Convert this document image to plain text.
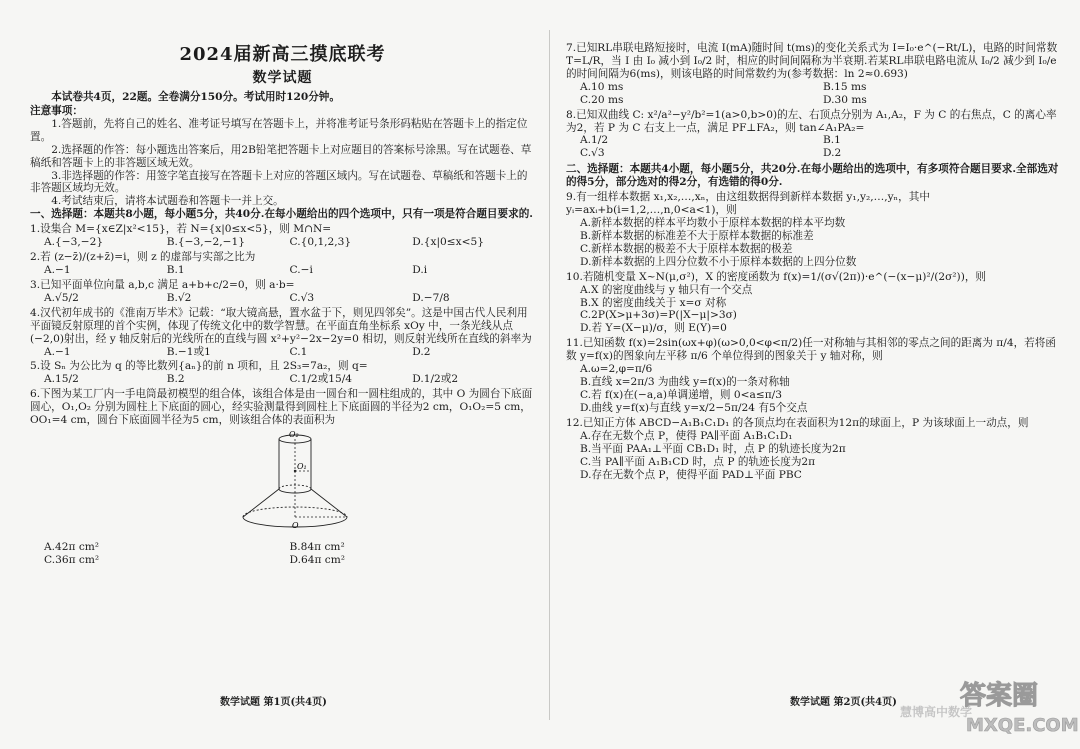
2024届新高三摸底联考
数学试题
本试卷共4页，22题。全卷满分150分。考试用时120分钟。
注意事项：

1.答题前，先将自己的姓名、准考证号填写在答题卡上，并将准考证号条形码粘贴在答题卡上的指定位置。

2.选择题的作答：每小题选出答案后，用2B铅笔把答题卡上对应题目的答案标号涂黑。写在试题卷、草稿纸和答题卡上的非答题区域无效。

3.非选择题的作答：用签字笔直接写在答题卡上对应的答题区域内。写在试题卷、草稿纸和答题卡上的非答题区域均无效。

4.考试结束后，请将本试题卷和答题卡一并上交。

一、选择题：本题共8小题，每小题5分，共40分.在每小题给出的四个选项中，只有一项是符合题目要求的.
1.设集合 M={x∈Z|x²<15}，若 N={x|0≤x<5}，则 M∩N=
A.{−3,−2}	B.{−3,−2,−1}	C.{0,1,2,3}	D.{x|0≤x<5}
2.若 (z−z̄)/(z+z̄)=i，则 z 的虚部与实部之比为
A.−1	B.1	C.−i	D.i
3.已知平面单位向量 a,b,c 满足 a+b+c/2=0，则 a·b=
A.√5/2	B.√2	C.√3	D.−7/8
4.汉代初年成书的《淮南万毕术》记载：“取大镜高悬，置水盆于下，则见四邻矣”。这是中国古代人民利用平面镜反射原理的首个实例，体现了传统文化中的数学智慧。在平面直角坐标系 xOy 中，一条光线从点(−2,0)射出，经 y 轴反射后的光线所在的直线与圆 x²+y²−2x−2y=0 相切，则反射光线所在直线的斜率为
A.−1	B.−1或1	C.1	D.2
5.设 Sₙ 为公比为 q 的等比数列{aₙ}的前 n 项和，且 2S₃=7a₂，则 q=
A.15/2	B.2	C.1/2或15/4	D.1/2或2
6.下图为某工厂内一手电筒最初模型的组合体，该组合体是由一圆台和一圆柱组成的，其中 O 为圆台下底面圆心，O₁,O₂ 分别为圆柱上下底面的圆心，经实验测量得到圆柱上下底面圆的半径为2 cm，O₁O₂=5 cm，OO₁=4 cm，圆台下底面圆半径为5 cm，则该组合体的表面积为
O₂
O₁
O
A.42π cm²	B.84π cm²
C.36π cm²	D.64π cm²
数学试题 第1页(共4页)
7.已知RL串联电路短接时，电流 I(mA)随时间 t(ms)的变化关系式为 I=I₀·e^(−Rt/L)，电路的时间常数 T=L/R，当 I 由 I₀ 减小到 I₀/2 时，相应的时间间隔称为半衰期.若某RL串联电路电流从 I₀/2 减少到 I₀/e 的时间间隔为6(ms)，则该电路的时间常数约为(参考数据：ln 2≈0.693)
A.10 ms	B.15 ms
C.20 ms	D.30 ms
8.已知双曲线 C: x²/a²−y²/b²=1(a>0,b>0)的左、右顶点分别为 A₁,A₂，F 为 C 的右焦点，C 的离心率为2，若 P 为 C 右支上一点，满足 PF⊥FA₂，则 tan∠A₁PA₂=
A.1/2	B.1
C.√3	D.2
二、选择题：本题共4小题，每小题5分，共20分.在每小题给出的选项中，有多项符合题目要求.全部选对的得5分，部分选对的得2分，有选错的得0分.
9.有一组样本数据 x₁,x₂,…,xₙ，由这组数据得到新样本数据 y₁,y₂,…,yₙ，其中 yᵢ=axᵢ+b(i=1,2,…,n,0<a<1)，则
A.新样本数据的样本平均数小于原样本数据的样本平均数
B.新样本数据的标准差不大于原样本数据的标准差
C.新样本数据的极差不大于原样本数据的极差
D.新样本数据的上四分位数不小于原样本数据的上四分位数
10.若随机变量 X~N(μ,σ²)，X 的密度函数为 f(x)=1/(σ√(2π))·e^(−(x−μ)²/(2σ²))，则
A.X 的密度曲线与 y 轴只有一个交点
B.X 的密度曲线关于 x=σ 对称
C.2P(X>μ+3σ)=P(|X−μ|>3σ)
D.若 Y=(X−μ)/σ，则 E(Y)=0
11.已知函数 f(x)=2sin(ωx+φ)(ω>0,0<φ<π/2)任一对称轴与其相邻的零点之间的距离为 π/4，若将函数 y=f(x)的图象向左平移 π/6 个单位得到的图象关于 y 轴对称，则
A.ω=2,φ=π/6
B.直线 x=2π/3 为曲线 y=f(x)的一条对称轴
C.若 f(x)在(−a,a)单调递增，则 0<a≤π/3
D.曲线 y=f(x)与直线 y=x/2−5π/24 有5个交点
12.已知正方体 ABCD−A₁B₁C₁D₁ 的各顶点均在表面积为12π的球面上，P 为该球面上一动点，则
A.存在无数个点 P，使得 PA∥平面 A₁B₁C₁D₁
B.当平面 PAA₁⊥平面 CB₁D₁ 时，点 P 的轨迹长度为2π
C.当 PA∥平面 A₁B₁CD 时，点 P 的轨迹长度为2π
D.存在无数个点 P，使得平面 PAD⊥平面 PBC
数学试题 第2页(共4页)
慧博高中数学
答案圈
MXQE.COM
